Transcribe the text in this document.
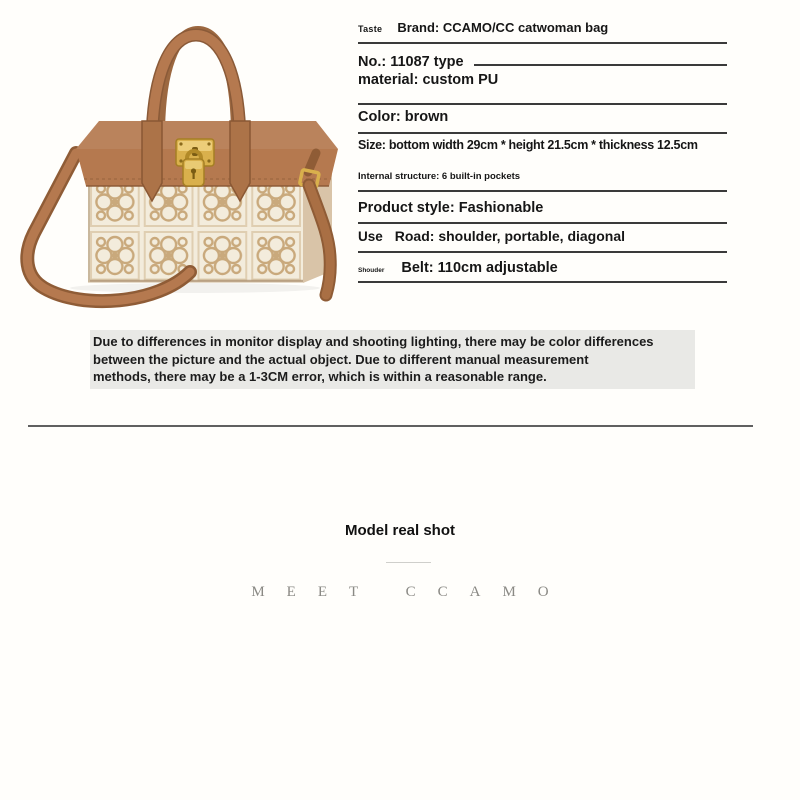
Taste Brand: CCAMO/CC catwoman bag
No.: 11087 type
material: custom PU
Color: brown
Size: bottom width 29cm * height 21.5cm * thickness 12.5cm
Internal structure: 6 built-in pockets
Product style: Fashionable
Use Road: shoulder, portable, diagonal
Shouder Belt: 110cm adjustable
Due to differences in monitor display and shooting lighting, there may be color differences
between the picture and the actual object. Due to different manual measurement
methods, there may be a 1-3CM error, which is within a reasonable range.
Model real shot
MEET CCAMO
